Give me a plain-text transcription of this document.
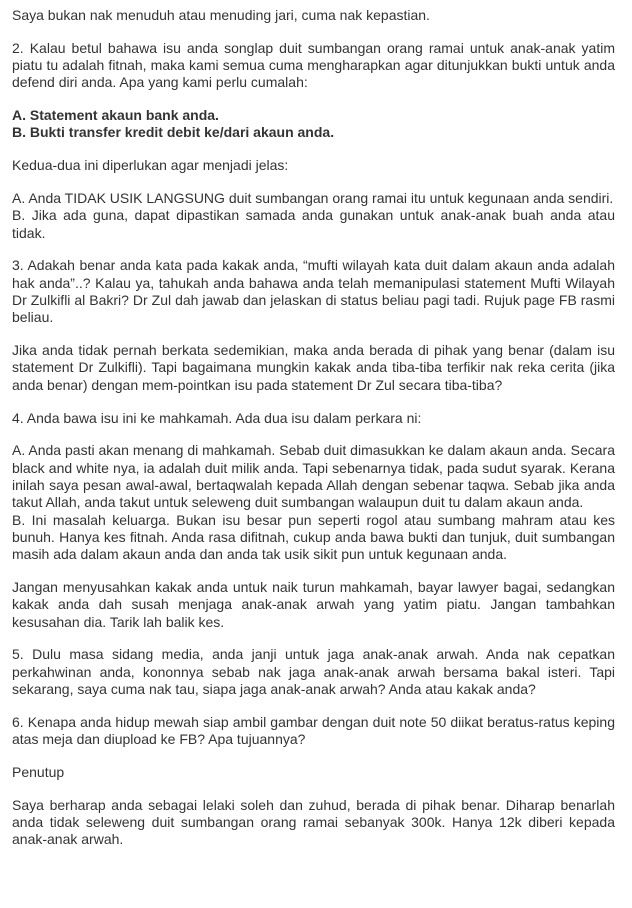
Saya bukan nak menuduh atau menuding jari, cuma nak kepastian.

2. Kalau betul bahawa isu anda songlap duit sumbangan orang ramai untuk anak-anak yatim piatu tu adalah fitnah, maka kami semua cuma mengharapkan agar ditunjukkan bukti untuk anda defend diri anda. Apa yang kami perlu cumalah:

A. Statement akaun bank anda.
B. Bukti transfer kredit debit ke/dari akaun anda.

Kedua-dua ini diperlukan agar menjadi jelas:

A. Anda TIDAK USIK LANGSUNG duit sumbangan orang ramai itu untuk kegunaan anda sendiri.
B. Jika ada guna, dapat dipastikan samada anda gunakan untuk anak-anak buah anda atau tidak.

3. Adakah benar anda kata pada kakak anda, “mufti wilayah kata duit dalam akaun anda adalah hak anda”..? Kalau ya, tahukah anda bahawa anda telah memanipulasi statement Mufti Wilayah Dr Zulkifli al Bakri? Dr Zul dah jawab dan jelaskan di status beliau pagi tadi. Rujuk page FB rasmi beliau.

Jika anda tidak pernah berkata sedemikian, maka anda berada di pihak yang benar (dalam isu statement Dr Zulkifli). Tapi bagaimana mungkin kakak anda tiba-tiba terfikir nak reka cerita (jika anda benar) dengan mem-pointkan isu pada statement Dr Zul secara tiba-tiba?

4. Anda bawa isu ini ke mahkamah. Ada dua isu dalam perkara ni:

A. Anda pasti akan menang di mahkamah. Sebab duit dimasukkan ke dalam akaun anda. Secara black and white nya, ia adalah duit milik anda. Tapi sebenarnya tidak, pada sudut syarak. Kerana inilah saya pesan awal-awal, bertaqwalah kepada Allah dengan sebenar taqwa. Sebab jika anda takut Allah, anda takut untuk seleweng duit sumbangan walaupun duit tu dalam akaun anda.
B. Ini masalah keluarga. Bukan isu besar pun seperti rogol atau sumbang mahram atau kes bunuh. Hanya kes fitnah. Anda rasa difitnah, cukup anda bawa bukti dan tunjuk, duit sumbangan masih ada dalam akaun anda dan anda tak usik sikit pun untuk kegunaan anda.

Jangan menyusahkan kakak anda untuk naik turun mahkamah, bayar lawyer bagai, sedangkan kakak anda dah susah menjaga anak-anak arwah yang yatim piatu. Jangan tambahkan kesusahan dia. Tarik lah balik kes.

5. Dulu masa sidang media, anda janji untuk jaga anak-anak arwah. Anda nak cepatkan perkahwinan anda, kononnya sebab nak jaga anak-anak arwah bersama bakal isteri. Tapi sekarang, saya cuma nak tau, siapa jaga anak-anak arwah? Anda atau kakak anda?

6. Kenapa anda hidup mewah siap ambil gambar dengan duit note 50 diikat beratus-ratus keping atas meja dan diupload ke FB? Apa tujuannya?

Penutup

Saya berharap anda sebagai lelaki soleh dan zuhud, berada di pihak benar. Diharap benarlah anda tidak seleweng duit sumbangan orang ramai sebanyak 300k. Hanya 12k diberi kepada anak-anak arwah.
